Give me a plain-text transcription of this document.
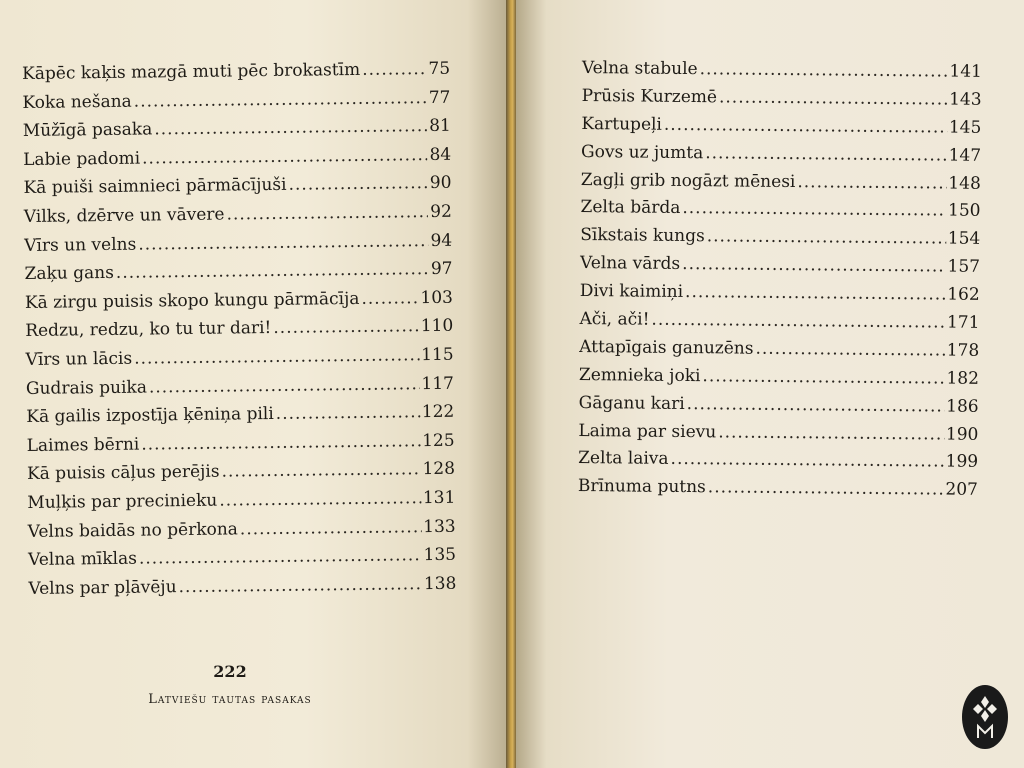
Kāpēc kaķis mazgā muti pēc brokastīm .....	75
Koka nešana .....	77
Mūžīgā pasaka .....	81
Labie padomi .....	84
Kā puiši saimnieci pārmācījuši .....	90
Vilks, dzērve un vāvere .....	92
Vīrs un velns .....	94
Zaķu gans .....	97
Kā zirgu puisis skopo kungu pārmācīja .....	103
Redzu, redzu, ko tu tur dari! .....	110
Vīrs un lācis .....	115
Gudrais puika .....	117
Kā gailis izpostīja ķēniņa pili .....	122
Laimes bērni .....	125
Kā puisis cāļus perējis .....	128
Muļķis par precinieku .....	131
Velns baidās no pērkona .....	133
Velna mīklas .....	135
Velns par pļāvēju .....	138
222
Latviešu tautas pasakas
Velna stabule .....	141
Prūsis Kurzemē .....	143
Kartupeļi .....	145
Govs uz jumta .....	147
Zagļi grib nogāzt mēnesi .....	148
Zelta bārda .....	150
Sīkstais kungs .....	154
Velna vārds .....	157
Divi kaimiņi .....	162
Ači, ači! .....	171
Attapīgais ganuzēns .....	178
Zemnieka joki .....	182
Gāganu kari .....	186
Laima par sievu .....	190
Zelta laiva .....	199
Brīnuma putns .....	207
